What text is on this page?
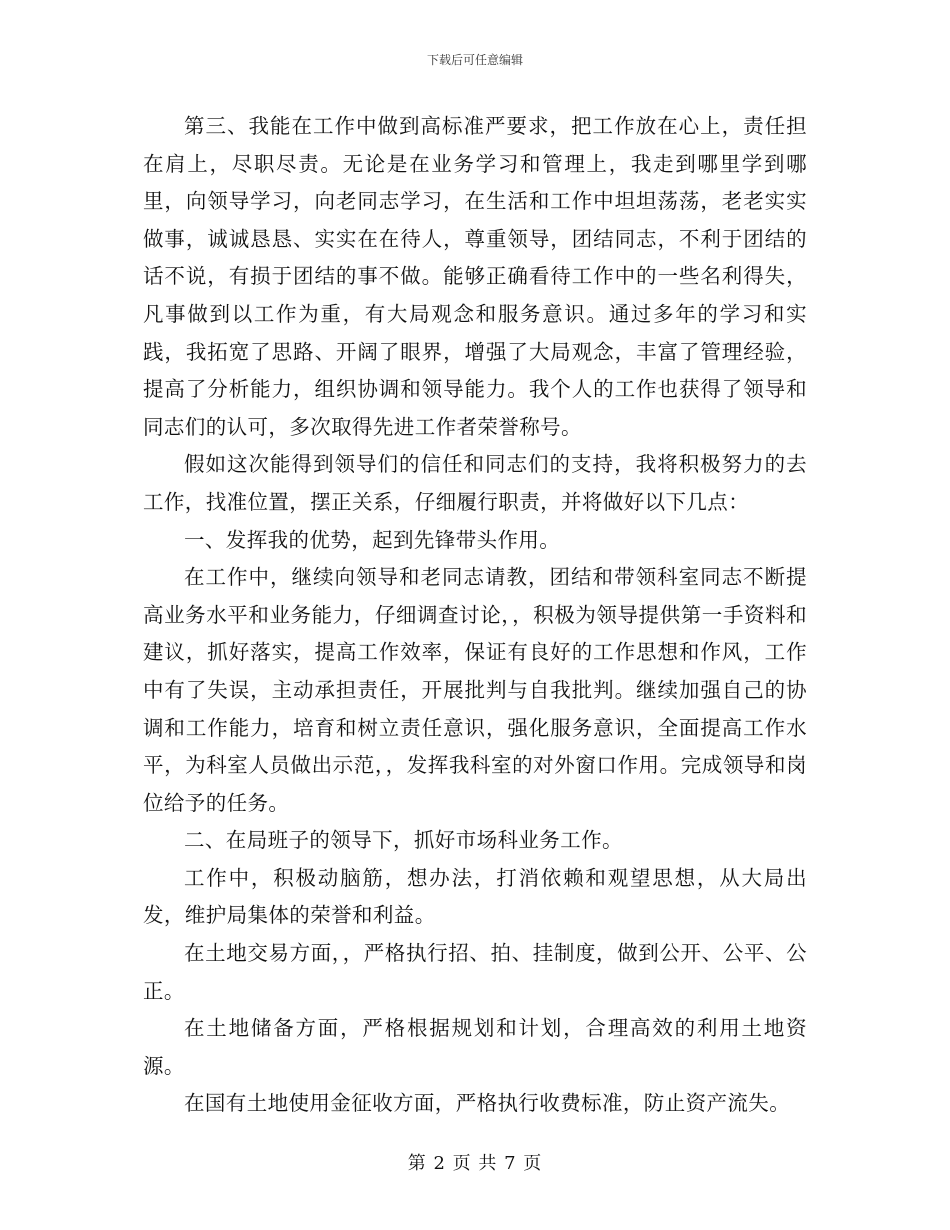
下载后可任意编辑

第三、我能在工作中做到高标准严要求，把工作放在心上，责任担在肩上，尽职尽责。无论是在业务学习和管理上，我走到哪里学到哪里，向领导学习，向老同志学习，在生活和工作中坦坦荡荡，老老实实做事，诚诚恳恳、实实在在待人，尊重领导，团结同志，不利于团结的话不说，有损于团结的事不做。能够正确看待工作中的一些名利得失，凡事做到以工作为重，有大局观念和服务意识。通过多年的学习和实践，我拓宽了思路、开阔了眼界，增强了大局观念，丰富了管理经验，提高了分析能力，组织协调和领导能力。我个人的工作也获得了领导和同志们的认可，多次取得先进工作者荣誉称号。

假如这次能得到领导们的信任和同志们的支持，我将积极努力的去工作，找准位置，摆正关系，仔细履行职责，并将做好以下几点：

一、发挥我的优势，起到先锋带头作用。

在工作中，继续向领导和老同志请教，团结和带领科室同志不断提高业务水平和业务能力，仔细调查讨论，，积极为领导提供第一手资料和建议，抓好落实，提高工作效率，保证有良好的工作思想和作风，工作中有了失误，主动承担责任，开展批判与自我批判。继续加强自己的协调和工作能力，培育和树立责任意识，强化服务意识，全面提高工作水平，为科室人员做出示范，，发挥我科室的对外窗口作用。完成领导和岗位给予的任务。

二、在局班子的领导下，抓好市场科业务工作。

工作中，积极动脑筋，想办法，打消依赖和观望思想，从大局出发，维护局集体的荣誉和利益。

在土地交易方面，，严格执行招、拍、挂制度，做到公开、公平、公正。

在土地储备方面，严格根据规划和计划，合理高效的利用土地资源。

在国有土地使用金征收方面，严格执行收费标准，防止资产流失。

第 2 页 共 7 页
